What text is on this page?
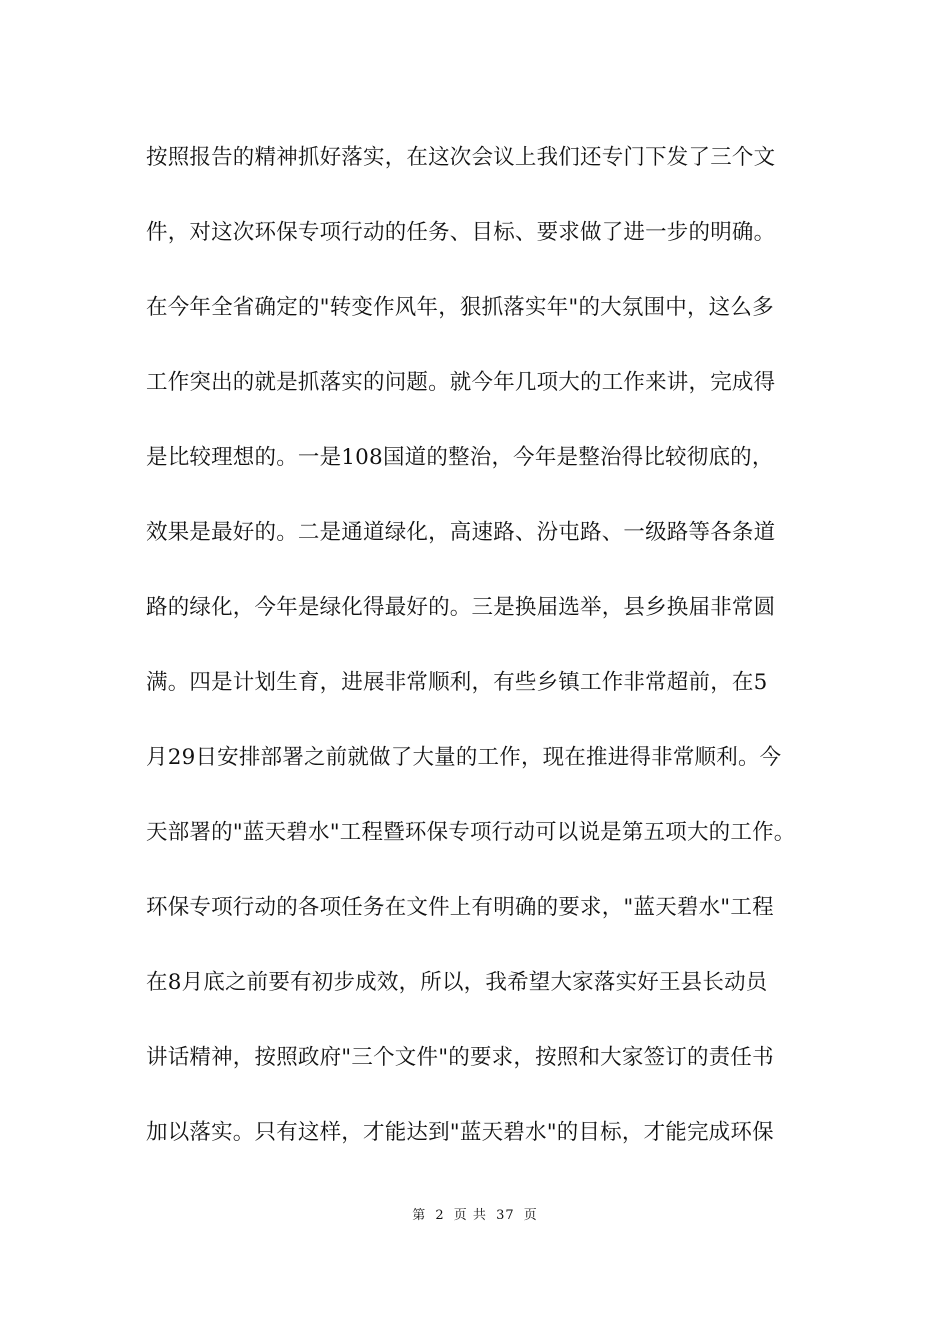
按照报告的精神抓好落实，在这次会议上我们还专门下发了三个文
件，对这次环保专项行动的任务、目标、要求做了进一步的明确。
在今年全省确定的"转变作风年，狠抓落实年"的大氛围中，这么多
工作突出的就是抓落实的问题。就今年几项大的工作来讲，完成得
是比较理想的。一是108国道的整治，今年是整治得比较彻底的，
效果是最好的。二是通道绿化，高速路、汾屯路、一级路等各条道
路的绿化，今年是绿化得最好的。三是换届选举，县乡换届非常圆
满。四是计划生育，进展非常顺利，有些乡镇工作非常超前，在5
月29日安排部署之前就做了大量的工作，现在推进得非常顺利。今
天部署的"蓝天碧水"工程暨环保专项行动可以说是第五项大的工作。
环保专项行动的各项任务在文件上有明确的要求，"蓝天碧水"工程
在8月底之前要有初步成效，所以，我希望大家落实好王县长动员
讲话精神，按照政府"三个文件"的要求，按照和大家签订的责任书
加以落实。只有这样，才能达到"蓝天碧水"的目标，才能完成环保
第 2 页 共 37 页
